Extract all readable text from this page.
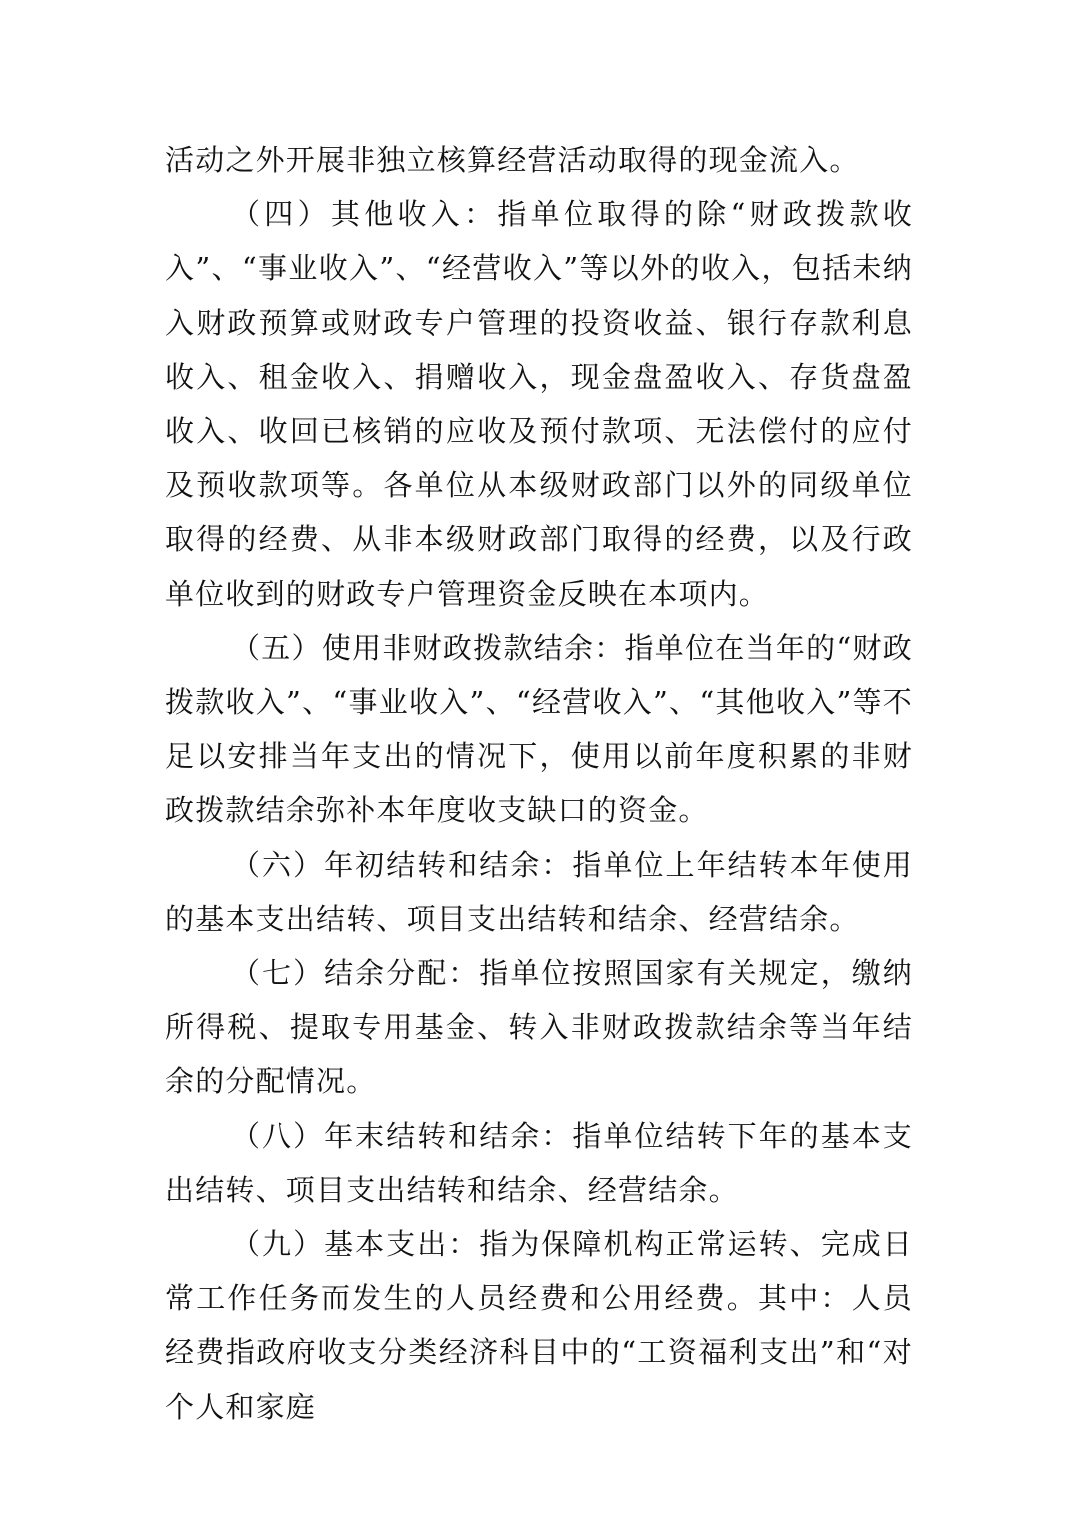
活动之外开展非独立核算经营活动取得的现金流入。

（四）其他收入：指单位取得的除“财政拨款收入”、“事业收入”、“经营收入”等以外的收入，包括未纳入财政预算或财政专户管理的投资收益、银行存款利息收入、租金收入、捐赠收入，现金盘盈收入、存货盘盈收入、收回已核销的应收及预付款项、无法偿付的应付及预收款项等。各单位从本级财政部门以外的同级单位取得的经费、从非本级财政部门取得的经费，以及行政单位收到的财政专户管理资金反映在本项内。

（五）使用非财政拨款结余：指单位在当年的“财政拨款收入”、“事业收入”、“经营收入”、“其他收入”等不足以安排当年支出的情况下，使用以前年度积累的非财政拨款结余弥补本年度收支缺口的资金。

（六）年初结转和结余：指单位上年结转本年使用的基本支出结转、项目支出结转和结余、经营结余。

（七）结余分配：指单位按照国家有关规定，缴纳所得税、提取专用基金、转入非财政拨款结余等当年结余的分配情况。

（八）年末结转和结余：指单位结转下年的基本支出结转、项目支出结转和结余、经营结余。

（九）基本支出：指为保障机构正常运转、完成日常工作任务而发生的人员经费和公用经费。其中：人员经费指政府收支分类经济科目中的“工资福利支出”和“对个人和家庭
